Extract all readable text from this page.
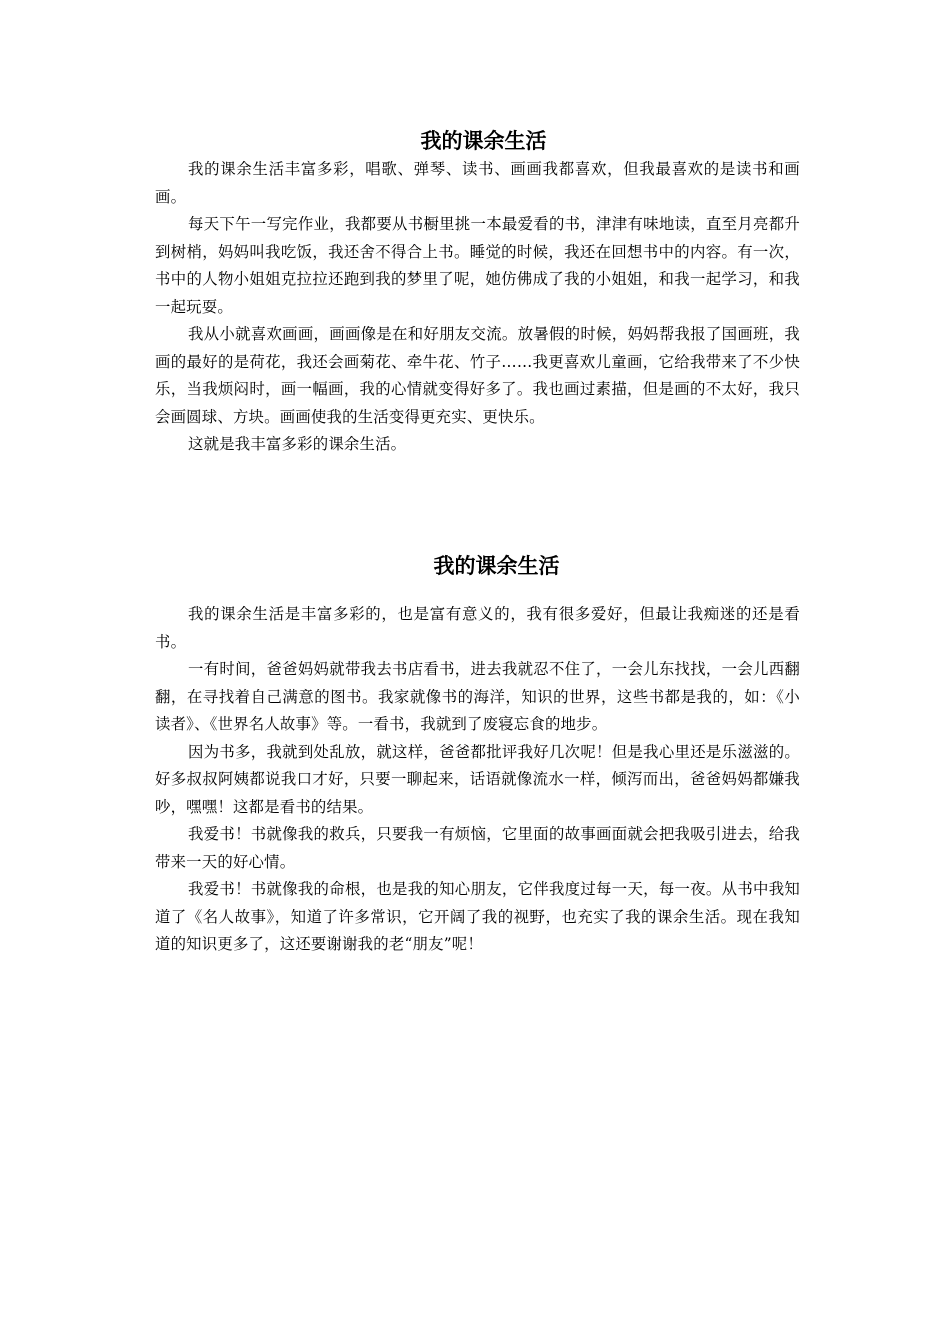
我的课余生活

我的课余生活丰富多彩，唱歌、弹琴、读书、画画我都喜欢，但我最喜欢的是读书和画画。

每天下午一写完作业，我都要从书橱里挑一本最爱看的书，津津有味地读，直至月亮都升到树梢，妈妈叫我吃饭，我还舍不得合上书。睡觉的时候，我还在回想书中的内容。有一次，书中的人物小姐姐克拉拉还跑到我的梦里了呢，她仿佛成了我的小姐姐，和我一起学习，和我一起玩耍。

我从小就喜欢画画，画画像是在和好朋友交流。放暑假的时候，妈妈帮我报了国画班，我画的最好的是荷花，我还会画菊花、牵牛花、竹子……我更喜欢儿童画，它给我带来了不少快乐，当我烦闷时，画一幅画，我的心情就变得好多了。我也画过素描，但是画的不太好，我只会画圆球、方块。画画使我的生活变得更充实、更快乐。

这就是我丰富多彩的课余生活。

我的课余生活

我的课余生活是丰富多彩的，也是富有意义的，我有很多爱好，但最让我痴迷的还是看书。

一有时间，爸爸妈妈就带我去书店看书，进去我就忍不住了，一会儿东找找，一会儿西翻翻，在寻找着自己满意的图书。我家就像书的海洋，知识的世界，这些书都是我的，如：《小读者》、《世界名人故事》等。一看书，我就到了废寝忘食的地步。

因为书多，我就到处乱放，就这样，爸爸都批评我好几次呢！但是我心里还是乐滋滋的。好多叔叔阿姨都说我口才好，只要一聊起来，话语就像流水一样，倾泻而出，爸爸妈妈都嫌我吵，嘿嘿！这都是看书的结果。

我爱书！书就像我的救兵，只要我一有烦恼，它里面的故事画面就会把我吸引进去，给我带来一天的好心情。

我爱书！书就像我的命根，也是我的知心朋友，它伴我度过每一天，每一夜。从书中我知道了《名人故事》，知道了许多常识，它开阔了我的视野，也充实了我的课余生活。现在我知道的知识更多了，这还要谢谢我的老“朋友”呢！
